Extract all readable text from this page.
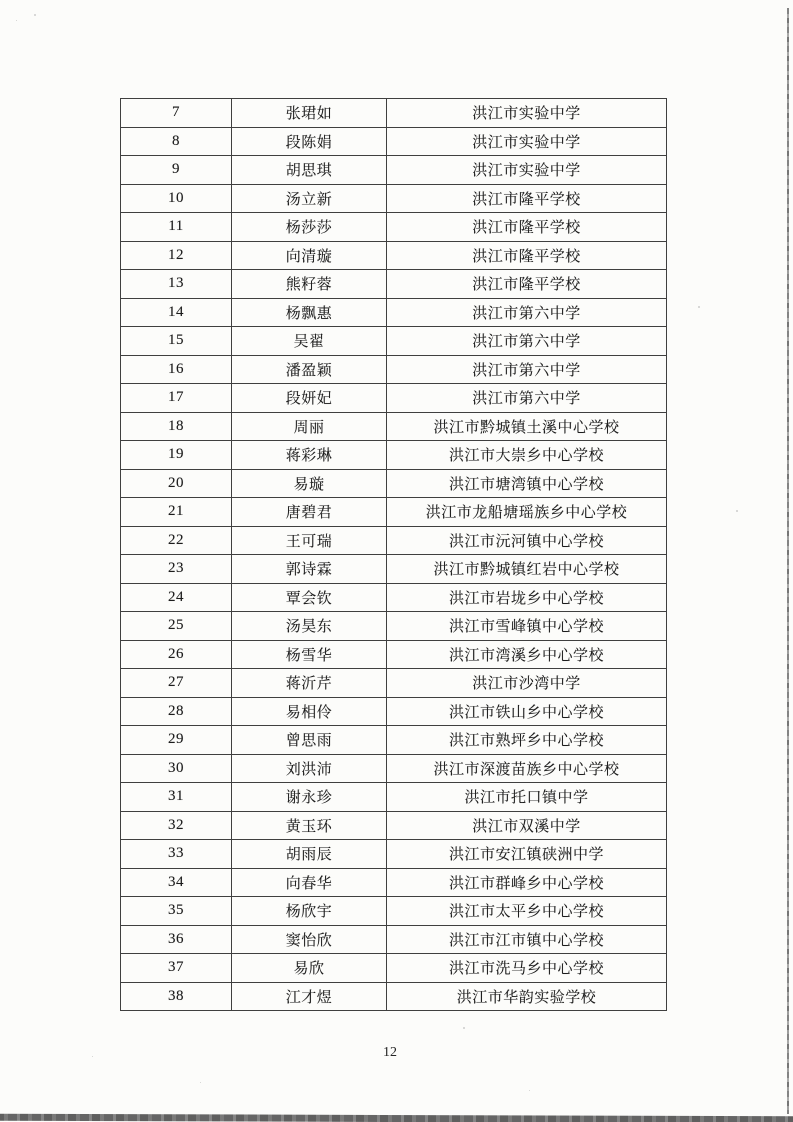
7	张珺如	洪江市实验中学
8	段陈娟	洪江市实验中学
9	胡思琪	洪江市实验中学
10	汤立新	洪江市隆平学校
11	杨莎莎	洪江市隆平学校
12	向清璇	洪江市隆平学校
13	熊籽蓉	洪江市隆平学校
14	杨飘惠	洪江市第六中学
15	吴翟	洪江市第六中学
16	潘盈颖	洪江市第六中学
17	段妍妃	洪江市第六中学
18	周丽	洪江市黔城镇土溪中心学校
19	蒋彩琳	洪江市大崇乡中心学校
20	易璇	洪江市塘湾镇中心学校
21	唐碧君	洪江市龙船塘瑶族乡中心学校
22	王可瑞	洪江市沅河镇中心学校
23	郭诗霖	洪江市黔城镇红岩中心学校
24	覃会钦	洪江市岩垅乡中心学校
25	汤昊东	洪江市雪峰镇中心学校
26	杨雪华	洪江市湾溪乡中心学校
27	蒋沂芹	洪江市沙湾中学
28	易相伶	洪江市铁山乡中心学校
29	曾思雨	洪江市熟坪乡中心学校
30	刘洪沛	洪江市深渡苗族乡中心学校
31	谢永珍	洪江市托口镇中学
32	黄玉环	洪江市双溪中学
33	胡雨辰	洪江市安江镇硖洲中学
34	向春华	洪江市群峰乡中心学校
35	杨欣宇	洪江市太平乡中心学校
36	窦怡欣	洪江市江市镇中心学校
37	易欣	洪江市洗马乡中心学校
38	江才煜	洪江市华韵实验学校
12
